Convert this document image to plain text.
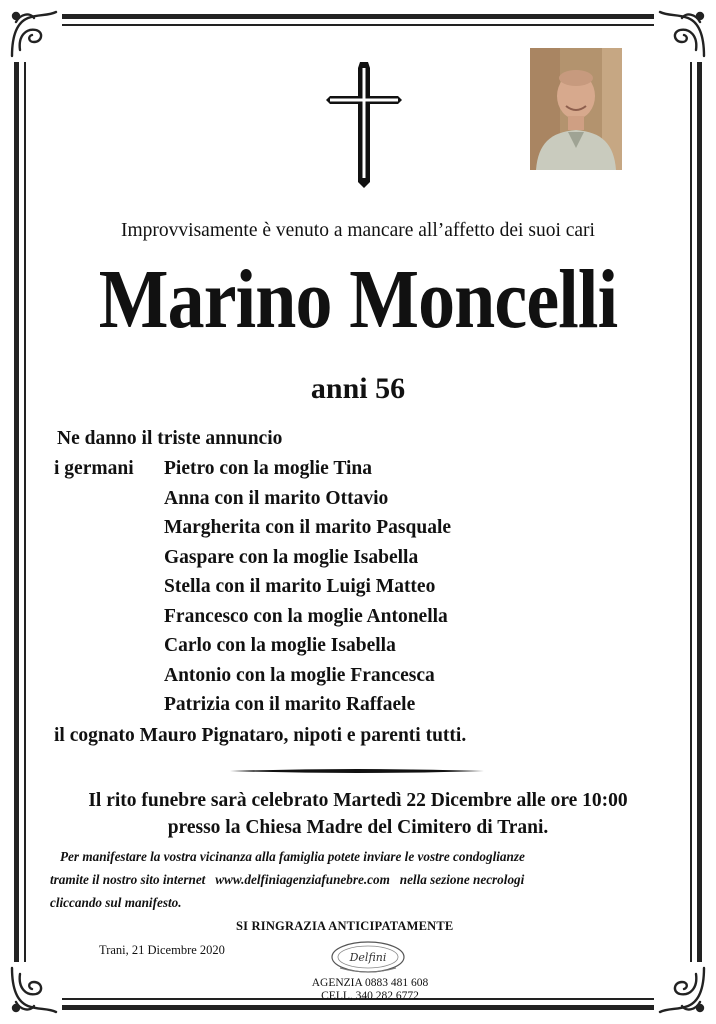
Improvvisamente è venuto a mancare all’affetto dei suoi cari
Marino Moncelli
anni 56
Ne danno il triste annuncio
i germani Pietro con la moglie Tina
Anna con il marito Ottavio
Margherita con il marito Pasquale
Gaspare con la moglie Isabella
Stella con il marito Luigi Matteo
Francesco con la moglie Antonella
Carlo con la moglie Isabella
Antonio con la moglie Francesca
Patrizia con il marito Raffaele
il cognato Mauro Pignataro, nipoti e parenti tutti.
Il rito funebre sarà celebrato Martedì 22 Dicembre alle ore 10:00
presso la Chiesa Madre del Cimitero di Trani.
Per manifestare la vostra vicinanza alla famiglia potete inviare le vostre condoglianze
tramite il nostro sito internet   www.delfiniagenziafunebre.com   nella sezione necrologi
cliccando sul manifesto.
SI RINGRAZIA ANTICIPATAMENTE
Trani, 21 Dicembre 2020
Delfini
AGENZIA 0883 481 608
CELL. 340 282 6772
